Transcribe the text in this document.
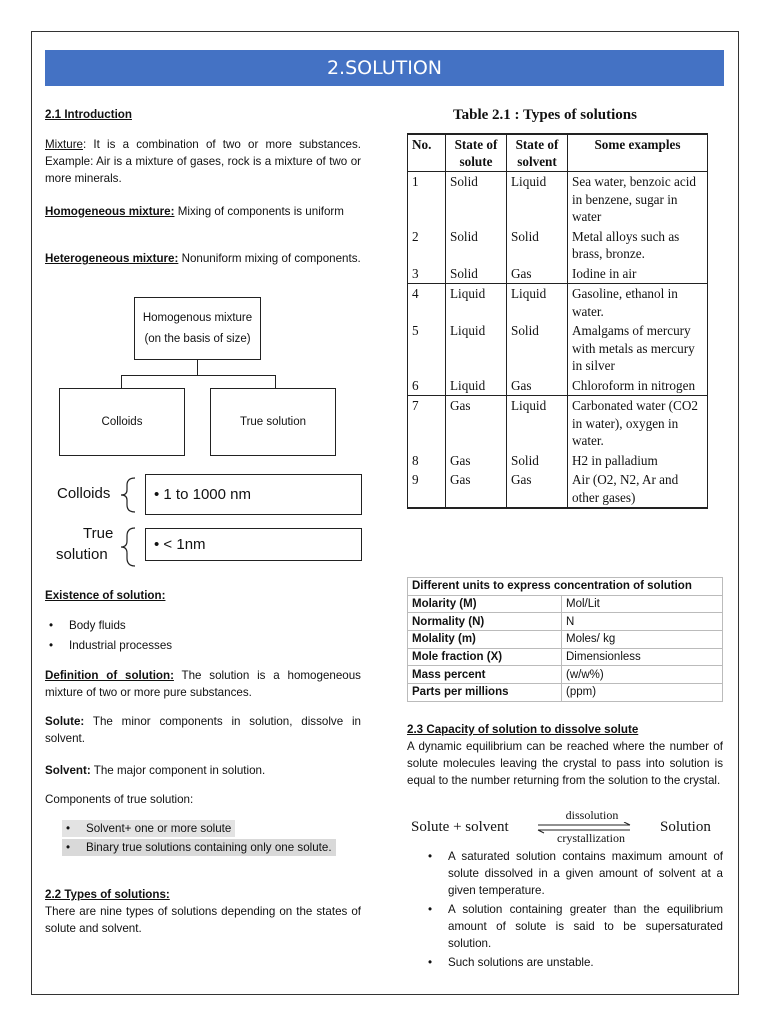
2.SOLUTION
2.1 Introduction
Mixture: It is a combination of two or more substances. Example: Air is a mixture of gases, rock is a mixture of two or more minerals.
Homogeneous mixture: Mixing of components is uniform
Heterogeneous mixture: Nonuniform mixing of components.
Homogenous mixture
(on the basis of size)
Colloids	True solution
Colloids	• 1 to 1000 nm
True
solution
• < 1nm
Existence of solution:
• Body fluids
• Industrial processes
Definition of solution: The solution is a homogeneous mixture of two or more pure substances.
Solute: The minor components in solution, dissolve in solvent.
Solvent: The major component in solution.
Components of true solution:
• Solvent+ one or more solute
• Binary true solutions containing only one solute.
2.2 Types of solutions:
There are nine types of solutions depending on the states of solute and solvent.
Table 2.1 : Types of solutions
No.	State of solute	State of solvent	Some examples
1	Solid	Liquid	Sea water, benzoic acid in benzene, sugar in water
2	Solid	Solid	Metal alloys such as brass, bronze.
3	Solid	Gas	Iodine in air
4	Liquid	Liquid	Gasoline, ethanol in water.
5	Liquid	Solid	Amalgams of mercury with metals as mercury in silver
6	Liquid	Gas	Chloroform in nitrogen
7	Gas	Liquid	Carbonated water (CO2 in water), oxygen in water.
8	Gas	Solid	H2 in palladium
9	Gas	Gas	Air (O2, N2, Ar and other gases)
Different units to express concentration of solution	
Molarity (M)	Mol/Lit
Normality (N)	N
Molality (m)	Moles/ kg
Mole fraction (X)	Dimensionless
Mass percent	(w/w%)
Parts per millions	(ppm)
2.3 Capacity of solution to dissolve solute
A dynamic equilibrium can be reached where the number of solute molecules leaving the crystal to pass into solution is equal to the number returning from the solution to the crystal.
Solute + solvent
dissolution
crystallization
Solution
• A saturated solution contains maximum amount of solute dissolved in a given amount of solvent at a given temperature.
• A solution containing greater than the equilibrium amount of solute is said to be supersaturated solution.
• Such solutions are unstable.
